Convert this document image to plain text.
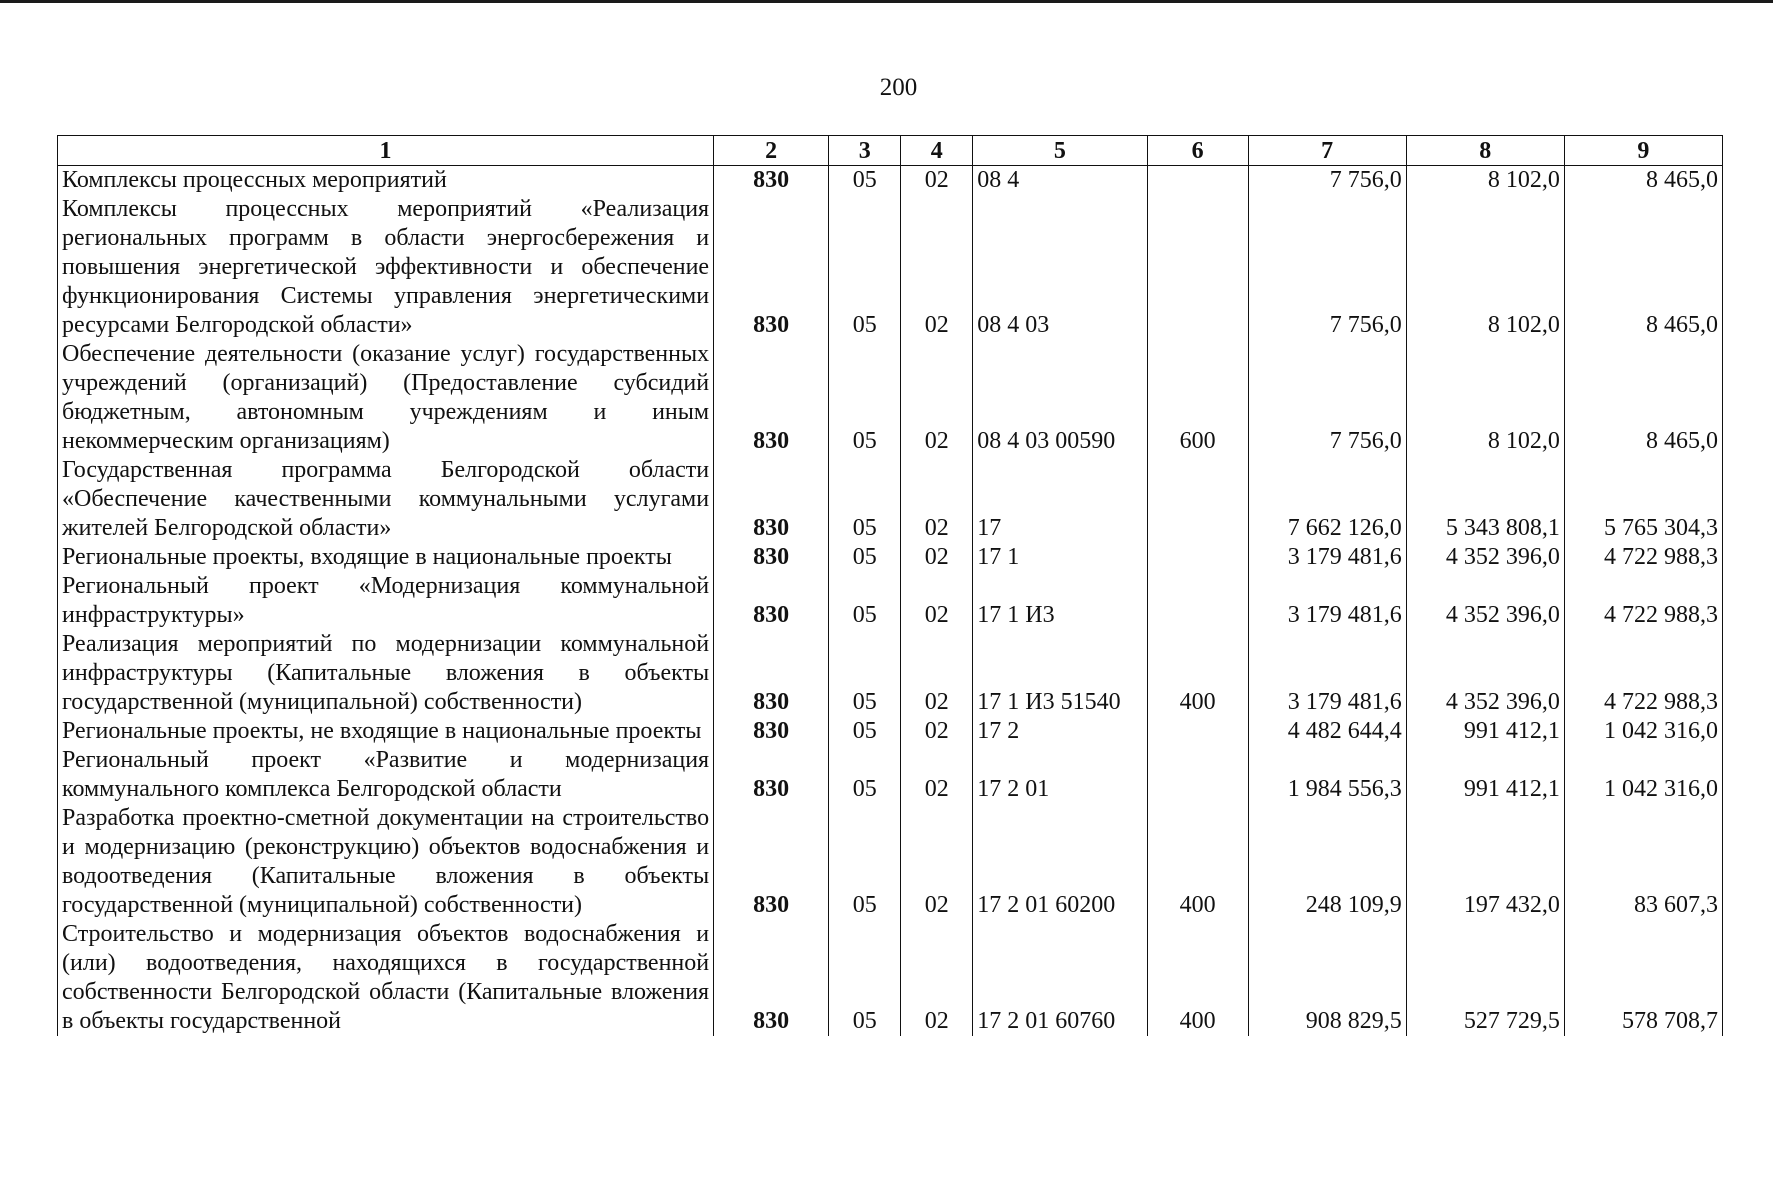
200
1	2	3	4	5	6	7	8	9

Комплексы процессных мероприятий	830	05	02	08 4		7 756,0	8 102,0	8 465,0

Комплексы процессных мероприятий «Реализация региональных программ в области энергосбережения и повышения энергетической эффективности и обеспечение функционирования Системы управления энергетическими ресурсами Белгородской области»	830	05	02	08 4 03		7 756,0	8 102,0	8 465,0

Обеспечение деятельности (оказание услуг) государственных учреждений (организаций) (Предоставление субсидий бюджетным, автономным учреждениям и иным некоммерческим организациям)	830	05	02	08 4 03 00590	600	7 756,0	8 102,0	8 465,0

Государственная программа Белгородской области «Обеспечение качественными коммунальными услугами жителей Белгородской области»	830	05	02	17		7 662 126,0	5 343 808,1	5 765 304,3

Региональные проекты, входящие в национальные проекты	830	05	02	17 1		3 179 481,6	4 352 396,0	4 722 988,3

Региональный проект «Модернизация коммунальной инфраструктуры»	830	05	02	17 1 И3		3 179 481,6	4 352 396,0	4 722 988,3

Реализация мероприятий по модернизации коммунальной инфраструктуры (Капитальные вложения в объекты государственной (муниципальной) собственности)	830	05	02	17 1 И3 51540	400	3 179 481,6	4 352 396,0	4 722 988,3

Региональные проекты, не входящие в национальные проекты	830	05	02	17 2		4 482 644,4	991 412,1	1 042 316,0

Региональный проект «Развитие и модернизация коммунального комплекса Белгородской области	830	05	02	17 2 01		1 984 556,3	991 412,1	1 042 316,0

Разработка проектно-сметной документации на строительство и модернизацию (реконструкцию) объектов водоснабжения и водоотведения (Капитальные вложения в объекты государственной (муниципальной) собственности)	830	05	02	17 2 01 60200	400	248 109,9	197 432,0	83 607,3

Строительство и модернизация объектов водоснабжения и (или) водоотведения, находящихся в государственной собственности Белгородской области (Капитальные вложения в объекты государственной	830	05	02	17 2 01 60760	400	908 829,5	527 729,5	578 708,7
